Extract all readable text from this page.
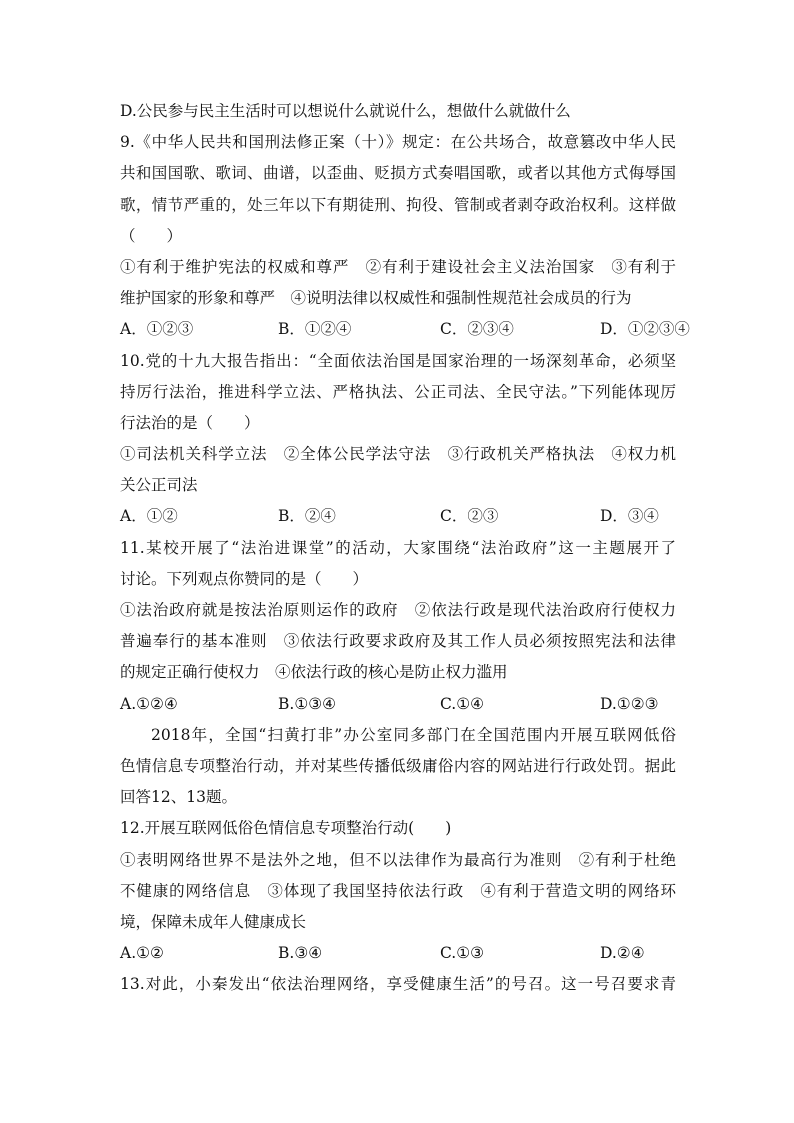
D.公民参与民主生活时可以想说什么就说什么，想做什么就做什么
9.《中华人民共和国刑法修正案（十）》规定：在公共场合，故意篡改中华人民
共和国国歌、歌词、曲谱，以歪曲、贬损方式奏唱国歌，或者以其他方式侮辱国
歌，情节严重的，处三年以下有期徒刑、拘役、管制或者剥夺政治权利。这样做
（　　）
①有利于维护宪法的权威和尊严　②有利于建设社会主义法治国家　③有利于
维护国家的形象和尊严　④说明法律以权威性和强制性规范社会成员的行为
A．①②③	B．①②④	C．②③④	D．①②③④
10.党的十九大报告指出：“全面依法治国是国家治理的一场深刻革命，必须坚
持厉行法治，推进科学立法、严格执法、公正司法、全民守法。”下列能体现厉
行法治的是（　　）
①司法机关科学立法　②全体公民学法守法　③行政机关严格执法　④权力机
关公正司法
A．①②	B．②④	C．②③	D．③④
11.某校开展了“法治进课堂”的活动，大家围绕“法治政府”这一主题展开了
讨论。下列观点你赞同的是（　　）
①法治政府就是按法治原则运作的政府　②依法行政是现代法治政府行使权力
普遍奉行的基本准则　③依法行政要求政府及其工作人员必须按照宪法和法律
的规定正确行使权力　④依法行政的核心是防止权力滥用
A.①②④	B.①③④	C.①④	D.①②③
2018年，全国“扫黄打非”办公室同多部门在全国范围内开展互联网低俗
色情信息专项整治行动，并对某些传播低级庸俗内容的网站进行行政处罚。据此
回答12、13题。
12.开展互联网低俗色情信息专项整治行动(　　)
①表明网络世界不是法外之地，但不以法律作为最高行为准则　②有利于杜绝
不健康的网络信息　③体现了我国坚持依法行政　④有利于营造文明的网络环
境，保障未成年人健康成长
A.①②	B.③④	C.①③	D.②④
13.对此，小秦发出“依法治理网络，享受健康生活”的号召。这一号召要求青
